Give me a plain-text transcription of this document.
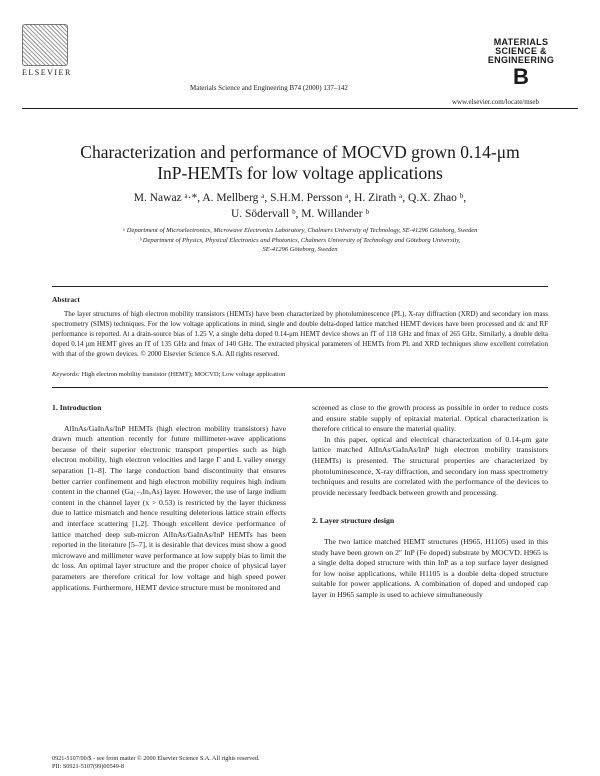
ELSEVIER
Materials Science and Engineering B74 (2000) 137–142
MATERIALS
SCIENCE &
ENGINEERING
B
www.elsevier.com/locate/mseb
Characterization and performance of MOCVD grown 0.14-μm
InP-HEMTs for low voltage applications
M. Nawaz ᵃ·*, A. Mellberg ᵃ, S.H.M. Persson ᵃ, H. Zirath ᵃ, Q.X. Zhao ᵇ,
U. Södervall ᵇ, M. Willander ᵇ
ᵃ Department of Microelectronics, Microwave Electronics Laboratory, Chalmers University of Technology, SE-41296 Göteborg, Sweden
ᵇ Department of Physics, Physical Electronics and Photonics, Chalmers University of Technology and Göteborg University,
SE-41296 Göteborg, Sweden
Abstract
The layer structures of high electron mobility transistors (HEMTs) have been characterized by photoluminescence (PL), X-ray diffraction (XRD) and secondary ion mass spectrometry (SIMS) techniques. For the low voltage applications in mind, single and double delta-doped lattice matched HEMT devices have been processed and dc and RF performance is reported. At a drain-source bias of 1.25 V, a single delta doped 0.14-μm HEMT device shows an fT of 118 GHz and fmax of 265 GHz. Similarly, a double delta doped 0.14 μm HEMT gives an fT of 135 GHz and fmax of 140 GHz. The extracted physical parameters of HEMTs from PL and XRD techniques show excellent correlation with that of the grown devices. © 2000 Elsevier Science S.A. All rights reserved.
Keywords: High electron mobility transistor (HEMT); MOCVD; Low voltage application
1. Introduction

AlInAs/GaInAs/InP HEMTs (high electron mobility transistors) have drawn much attention recently for future millimeter-wave applications because of their superior electronic transport properties such as high electron mobility, high electron velocities and large Γ and L valley energy separation [1–8]. The large conduction band discontinuity that ensures better carrier confinement and high electron mobility requires high indium content in the channel (Ga₁₋ₓInₓAs) layer. However, the use of large indium content in the channel layer (x > 0.53) is restricted by the layer thickness due to lattice mismatch and hence resulting deleterious lattice strain effects and interface scattering [1,2]. Though excellent device performance of lattice matched deep sub-micron AlInAs/GaInAs/InP HEMTs has been reported in the literature [5–7], it is desirable that devices must show a good microwave and millimeter wave performance at low supply bias to limit the dc loss. An optimal layer structure and the proper choice of physical layer parameters are therefore critical for low voltage and high speed power applications. Furthermore, HEMT device structure must be monitored and

screened as close to the growth process as possible in order to reduce costs and ensure stable supply of epitaxial material. Optical characterization is therefore critical to ensure the material quality.

In this paper, optical and electrical characterization of 0.14-μm gate lattice matched AlInAs/GaInAs/InP high electron mobility transistors (HEMTs) is presented. The structural properties are characterized by photoluminescence, X-ray diffraction, and secondary ion mass spectrometry techniques and results are correlated with the performance of the devices to provide necessary feedback between growth and processing.

2. Layer structure design

The two lattice matched HEMT structures (H965, H1105) used in this study have been grown on 2″ InP (Fe doped) substrate by MOCVD. H965 is a single delta doped structure with thin InP as a top surface layer designed for low noise applications, while H1105 is a double delta doped structure suitable for power applications. A combination of doped and undoped cap layer in H965 sample is used to achieve simultaneously

0921-5107/00/$ - see front matter © 2000 Elsevier Science S.A. All rights reserved.
PII: S0921-5107(99)00549-8
